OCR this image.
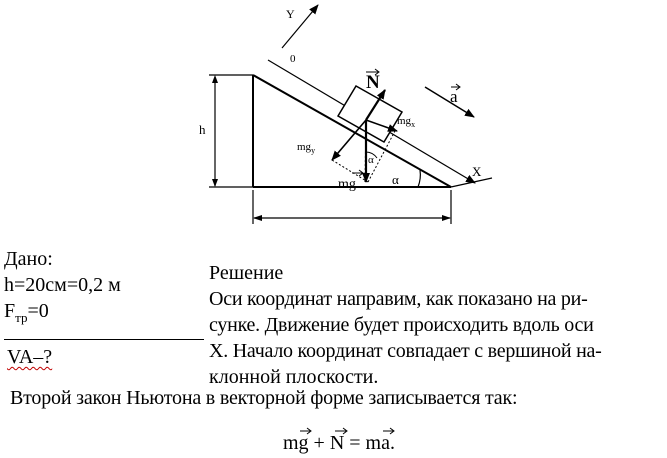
Y
0
N
a
$mg_x$
$mg_y$
mg
α
α
X
h
Дано:
h=20см=0,2 м
$F_{тр}=0$
VA–?
Решение
Оси координат направим, как показано на ри-
сунке. Движение будет происходить вдоль оси
X. Начало координат совпадает с вершиной на-
клонной плоскости.
Второй закон Ньютона в векторной форме записывается так:
mg + N = ma.
